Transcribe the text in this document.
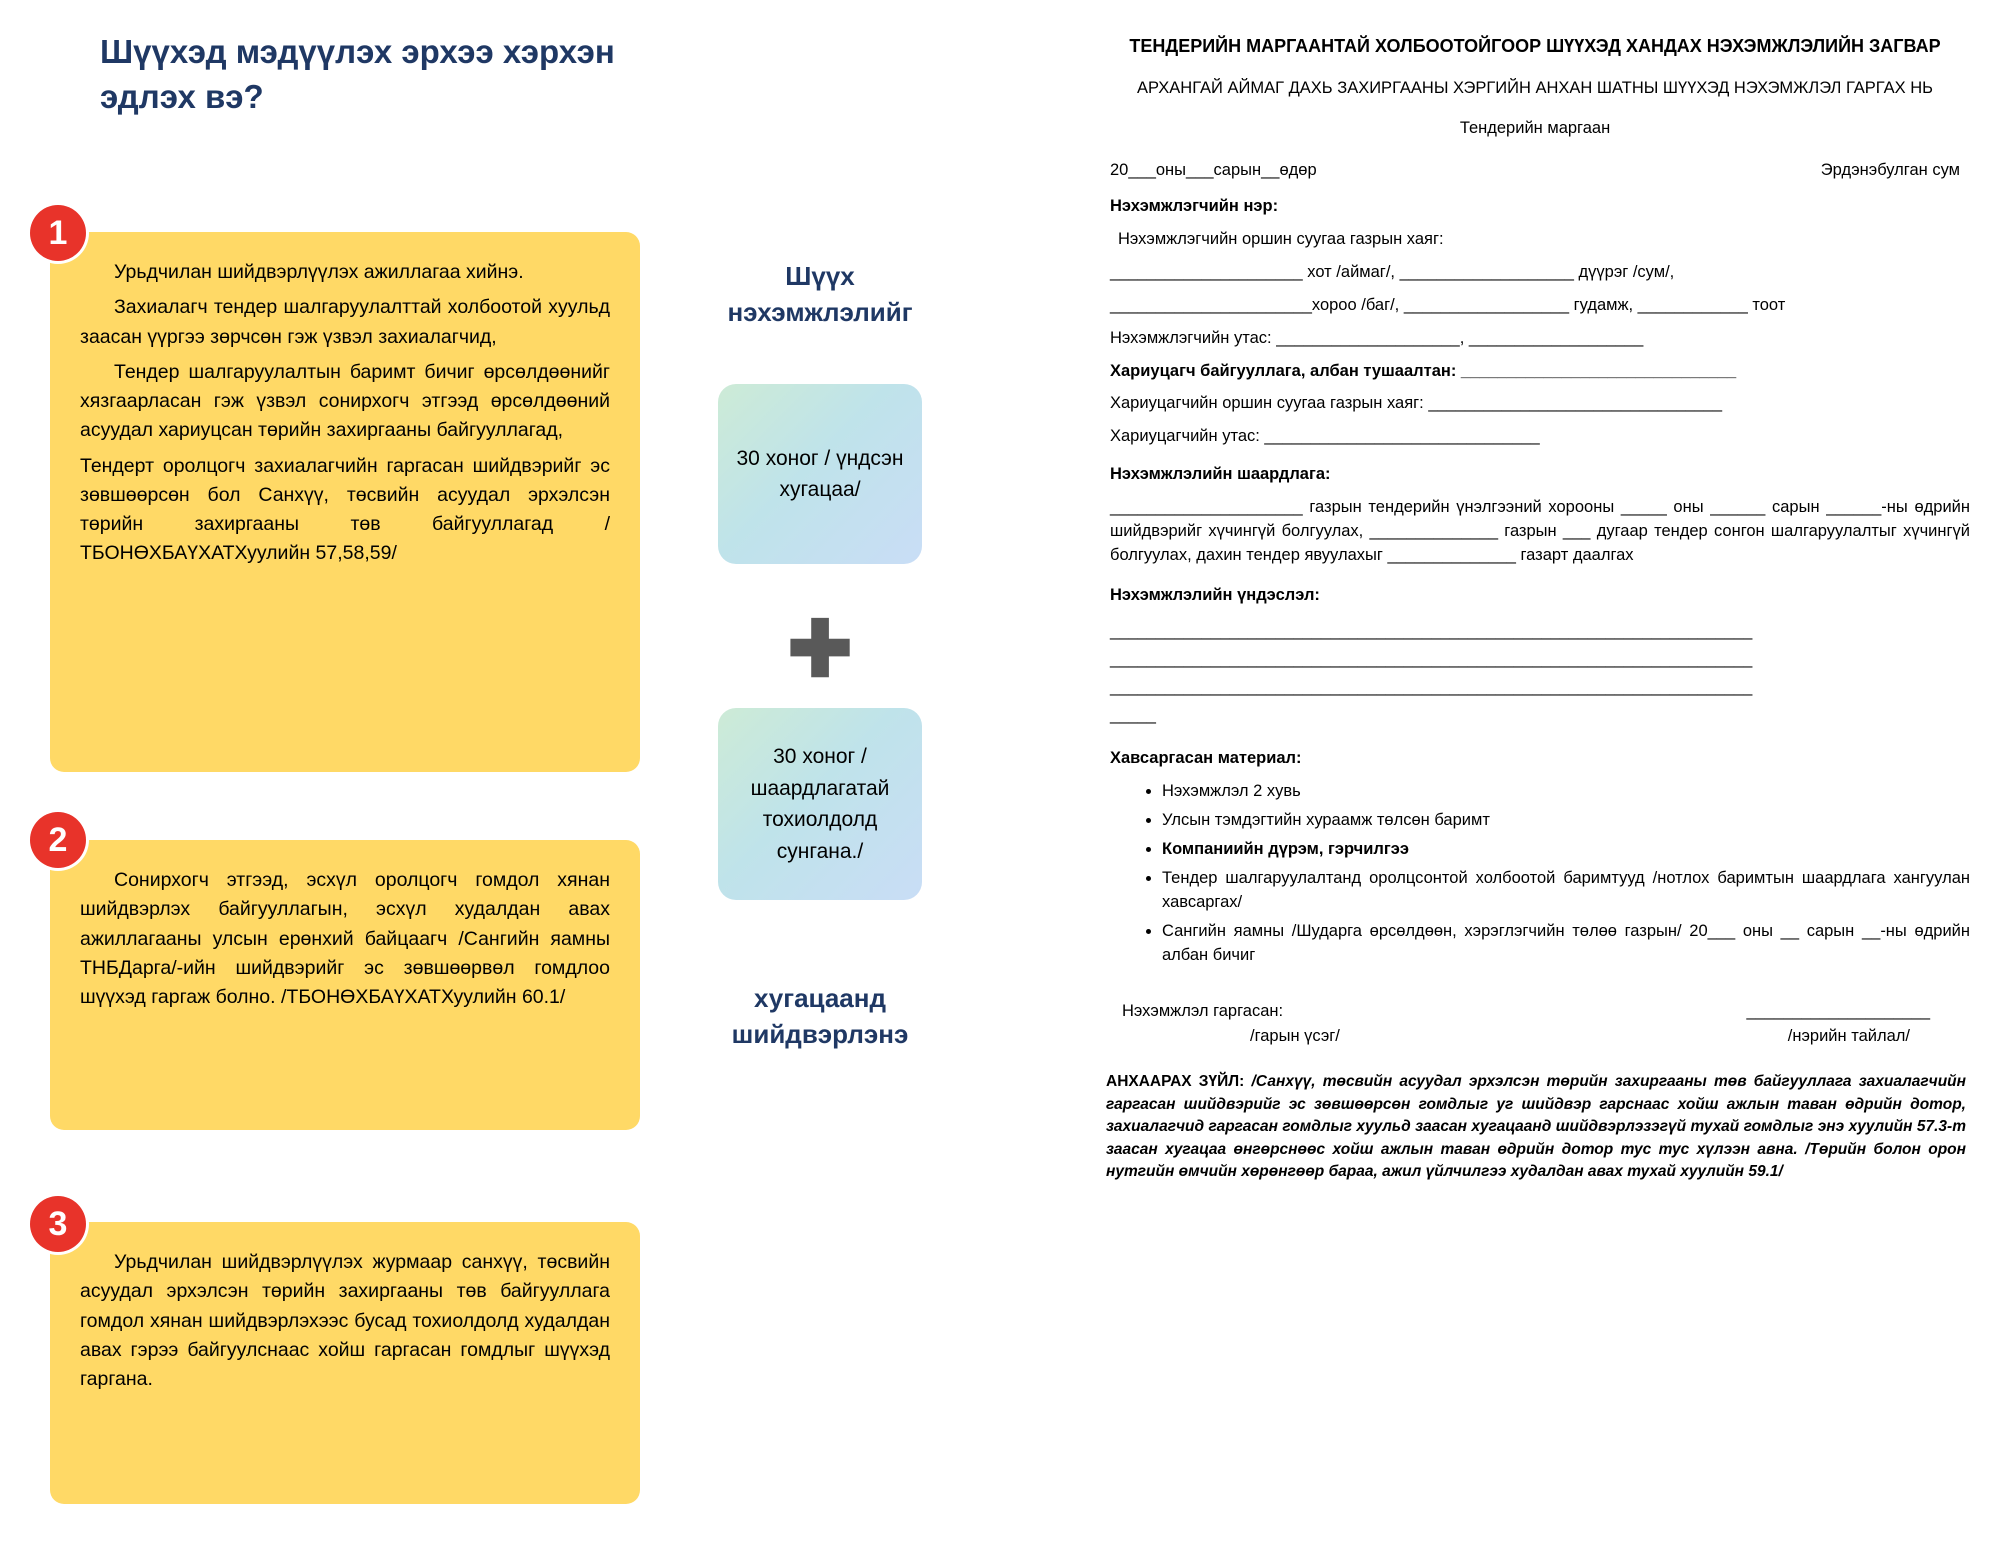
Шүүхэд мэдүүлэх эрхээ хэрхэн эдлэх вэ?
1

Урьдчилан шийдвэрлүүлэх ажиллагаа хийнэ.

Захиалагч тендер шалгаруулалттай холбоотой хуульд заасан үүргээ зөрчсөн гэж үзвэл захиалагчид,

Тендер шалгаруулалтын баримт бичиг өрсөлдөөнийг хязгаарласан гэж үзвэл сонирхогч этгээд өрсөлдөөний асуудал хариуцсан төрийн захиргааны байгууллагад,

Тендерт оролцогч захиалагчийн гаргасан шийдвэрийг эс зөвшөөрсөн бол Санхүү, төсвийн асуудал эрхэлсэн төрийн захиргааны төв байгууллагад /ТБОНӨХБАҮХАТХуулийн 57,58,59/

2

Сонирхогч этгээд, эсхүл оролцогч гомдол хянан шийдвэрлэх байгууллагын, эсхүл худалдан авах ажиллагааны улсын ерөнхий байцаагч /Сангийн яамны ТНБДарга/-ийн шийдвэрийг эс зөвшөөрвөл гомдлоо шүүхэд гаргаж болно. /ТБОНӨХБАҮХАТХуулийн 60.1/

3

Урьдчилан шийдвэрлүүлэх журмаар санхүү, төсвийн асуудал эрхэлсэн төрийн захиргааны төв байгууллага гомдол хянан шийдвэрлэхээс бусад тохиолдолд худалдан авах гэрээ байгуулснаас хойш гаргасан гомдлыг шүүхэд гаргана.

Шүүх нэхэмжлэлийг
30 хоног / үндсэн хугацаа/
✚
30 хоног /шаардлагатай тохиолдолд сунгана./
хугацаанд шийдвэрлэнэ
ТЕНДЕРИЙН МАРГААНТАЙ ХОЛБООТОЙГООР ШҮҮХЭД ХАНДАХ НЭХЭМЖЛЭЛИЙН ЗАГВАР
АРХАНГАЙ АЙМАГ ДАХЬ ЗАХИРГААНЫ ХЭРГИЙН АНХАН ШАТНЫ ШҮҮХЭД НЭХЭМЖЛЭЛ ГАРГАХ НЬ
Тендерийн маргаан
20___оны___сарын__өдөр	Эрдэнэбулган сум
Нэхэмжлэгчийн нэр:
Нэхэмжлэгчийн оршин суугаа газрын хаяг:
_____________________ хот /аймаг/, ___________________ дүүрэг /сум/,
______________________хороо /баг/, __________________ гудамж, ____________ тоот
Нэхэмжлэгчийн утас: ____________________, ___________________
Хариуцагч байгууллага, албан тушаалтан: ______________________________
Хариуцагчийн оршин суугаа газрын хаяг: ________________________________
Хариуцагчийн утас: ______________________________
Нэхэмжлэлийн шаардлага:
_____________________ газрын тендерийн үнэлгээний хорооны _____ оны ______ сарын ______-ны өдрийн шийдвэрийг хүчингүй болгуулах, ______________ газрын ___ дугаар тендер сонгон шалгаруулалтыг хүчингүй болгуулах, дахин тендер явуулахыг ______________ газарт даалгах
Нэхэмжлэлийн үндэслэл:
______________________________________________________________________
______________________________________________________________________
______________________________________________________________________
_____
Хавсаргасан материал:
• Нэхэмжлэл 2 хувь
• Улсын тэмдэгтийн хураамж төлсөн баримт
• Компаниийн дүрэм, гэрчилгээ
• Тендер шалгаруулалтанд оролцсонтой холбоотой баримтууд /нотлох баримтын шаардлага хангуулан хавсаргах/
• Сангийн яамны /Шударга өрсөлдөөн, хэрэглэгчийн төлөө газрын/ 20___ оны __ сарын __-ны өдрийн албан бичиг
Нэхэмжлэл гаргасан:	____________________
/гарын үсэг/	/нэрийн тайлал/
АНХААРАХ ЗҮЙЛ: /Санхүү, төсвийн асуудал эрхэлсэн төрийн захиргааны төв байгууллага захиалагчийн гаргасан шийдвэрийг эс зөвшөөрсөн гомдлыг уг шийдвэр гарснаас хойш ажлын таван өдрийн дотор, захиалагчид гаргасан гомдлыг хуульд заасан хугацаанд шийдвэрлэзэгүй тухай гомдлыг энэ хуулийн 57.3-т заасан хугацаа өнгөрснөөс хойш ажлын таван өдрийн дотор тус тус хүлээн авна. /Төрийн болон орон нутгийн өмчийн хөрөнгөөр бараа, ажил үйлчилгээ худалдан авах тухай хуулийн 59.1/
